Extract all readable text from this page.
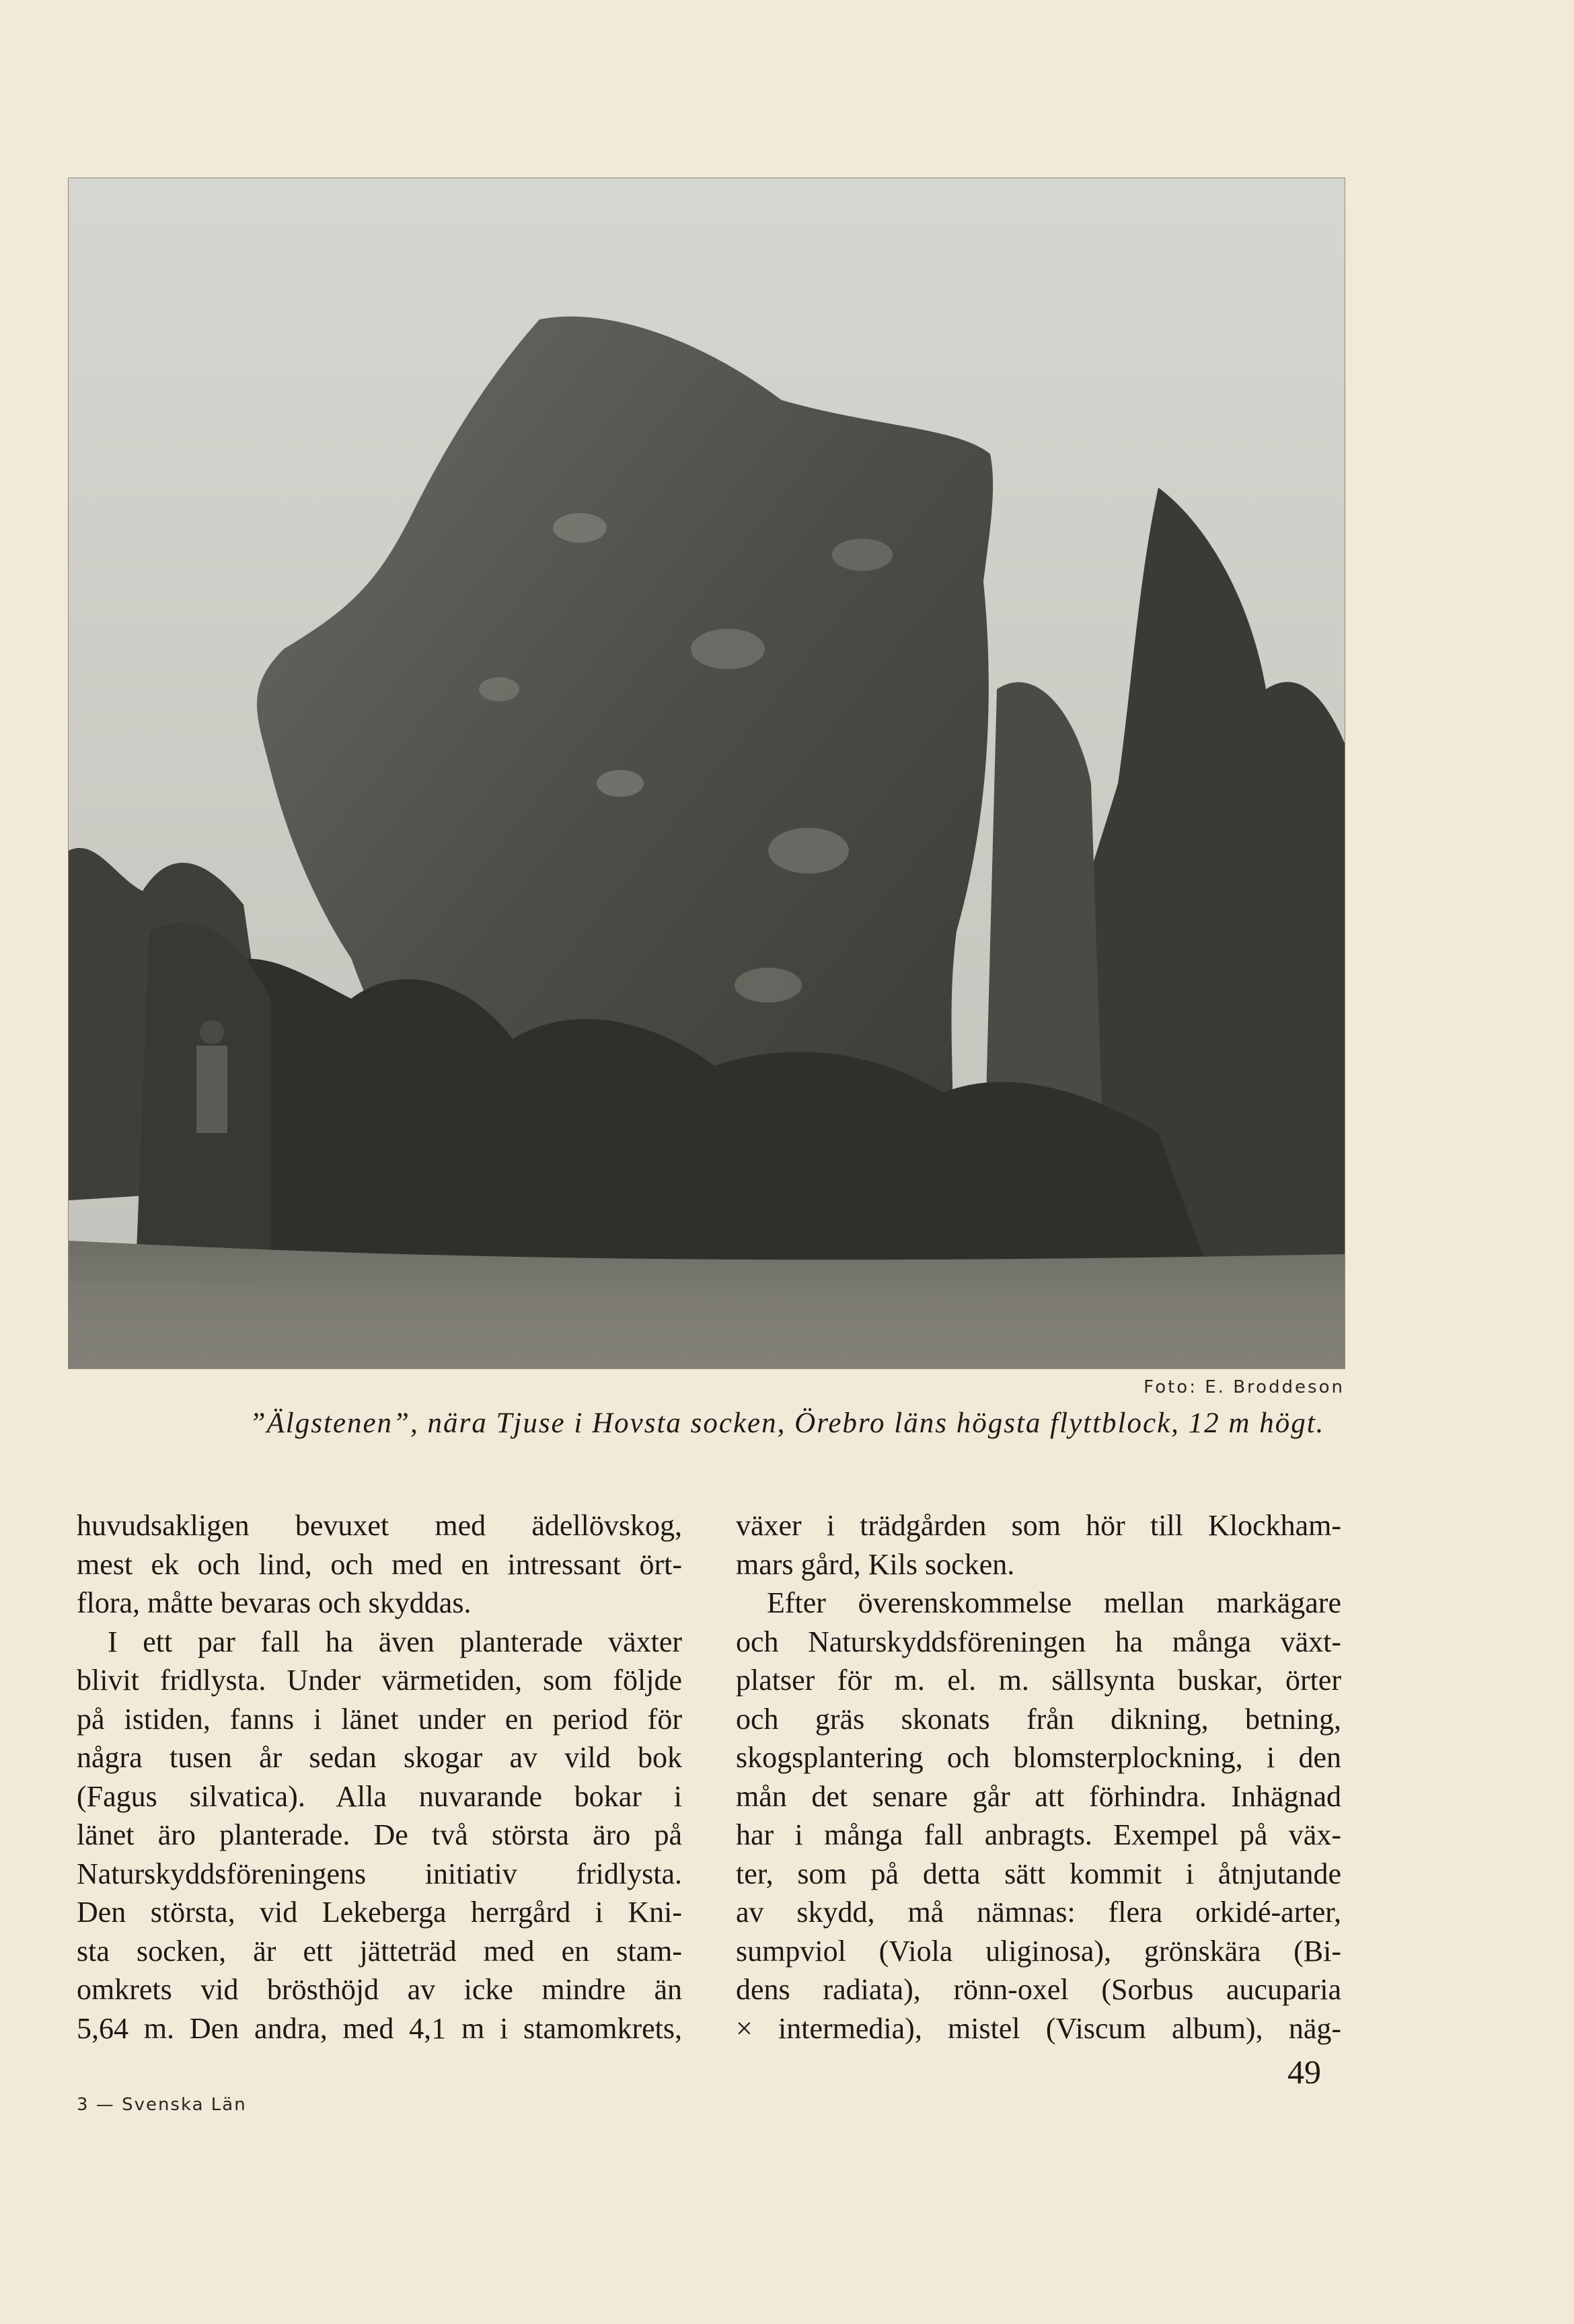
Foto: E. Broddeson
”Älgstenen”, nära Tjuse i Hovsta socken, Örebro läns högsta flyttblock, 12 m högt.
huvudsakligen bevuxet med ädellövskog,
mest ek och lind, och med en intressant ört-
flora, måtte bevaras och skyddas.
I ett par fall ha även planterade växter
blivit fridlysta. Under värmetiden, som följde
på istiden, fanns i länet under en period för
några tusen år sedan skogar av vild bok
(Fagus silvatica). Alla nuvarande bokar i
länet äro planterade. De två största äro på
Naturskyddsföreningens initiativ fridlysta.
Den största, vid Lekeberga herrgård i Kni-
sta socken, är ett jätteträd med en stam-
omkrets vid brösthöjd av icke mindre än
5,64 m. Den andra, med 4,1 m i stamomkrets,
växer i trädgården som hör till Klockham-
mars gård, Kils socken.
Efter överenskommelse mellan markägare
och Naturskyddsföreningen ha många växt-
platser för m. el. m. sällsynta buskar, örter
och gräs skonats från dikning, betning,
skogsplantering och blomsterplockning, i den
mån det senare går att förhindra. Inhägnad
har i många fall anbragts. Exempel på väx-
ter, som på detta sätt kommit i åtnjutande
av skydd, må nämnas: flera orkidé-arter,
sumpviol (Viola uliginosa), grönskära (Bi-
dens radiata), rönn-oxel (Sorbus aucuparia
× intermedia), mistel (Viscum album), näg-
3 — Svenska Län
49
